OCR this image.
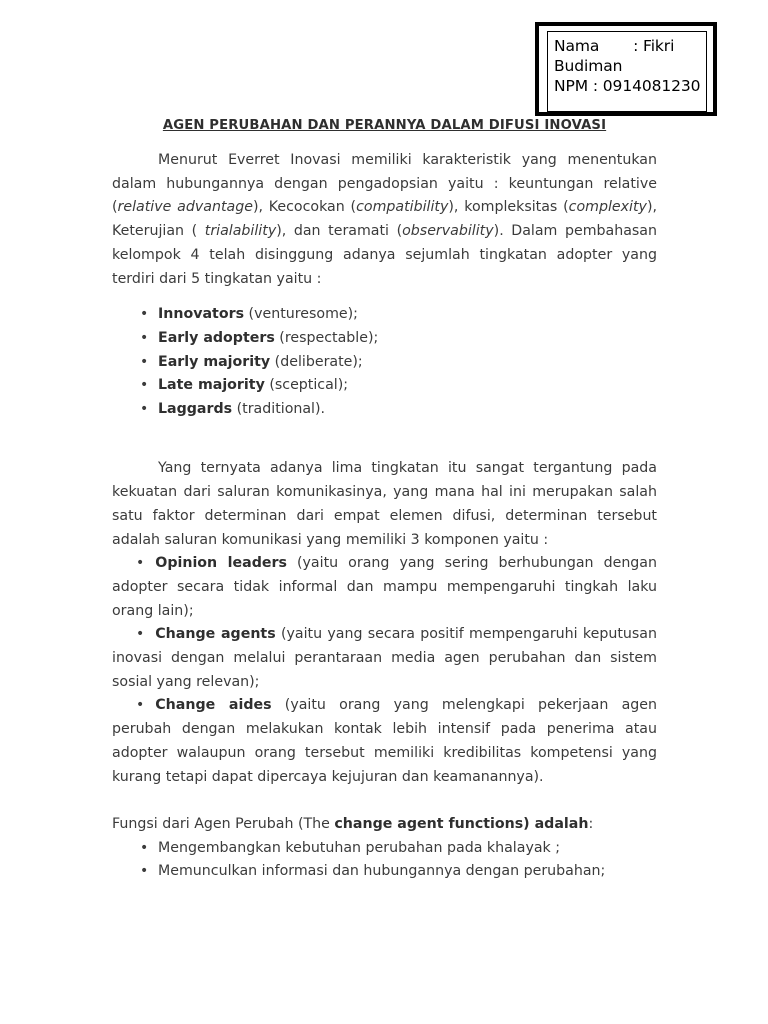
Nama       : Fikri
Budiman
NPM : 0914081230
AGEN PERUBAHAN DAN PERANNYA DALAM DIFUSI INOVASI

Menurut Everret Inovasi memiliki karakteristik yang menentukan dalam hubungannya dengan pengadopsian yaitu : keuntungan relative (relative advantage), Kecocokan (compatibility), kompleksitas (complexity), Keterujian ( trialability), dan teramati (observability). Dalam pembahasan kelompok 4 telah disinggung adanya sejumlah tingkatan adopter yang terdiri dari 5 tingkatan yaitu :

• Innovators (venturesome);
• Early adopters (respectable);
• Early majority (deliberate);
• Late majority (sceptical);
• Laggards (traditional).

Yang ternyata adanya lima tingkatan itu sangat tergantung pada kekuatan dari saluran komunikasinya, yang mana hal ini merupakan salah satu faktor determinan dari empat elemen difusi, determinan tersebut adalah saluran komunikasi yang memiliki 3 komponen yaitu :

• Opinion leaders (yaitu orang yang sering berhubungan dengan adopter secara tidak informal dan mampu mempengaruhi tingkah laku orang lain);
• Change agents (yaitu yang secara positif mempengaruhi keputusan inovasi dengan melalui perantaraan media agen perubahan dan sistem sosial yang relevan);
• Change aides (yaitu orang yang melengkapi pekerjaan agen perubah dengan melakukan kontak lebih intensif pada penerima atau adopter walaupun orang tersebut memiliki kredibilitas kompetensi yang kurang tetapi dapat dipercaya kejujuran dan keamanannya).

Fungsi dari Agen Perubah (The change agent functions) adalah:

• Mengembangkan kebutuhan perubahan pada khalayak ;
• Memunculkan informasi dan hubungannya dengan perubahan;
